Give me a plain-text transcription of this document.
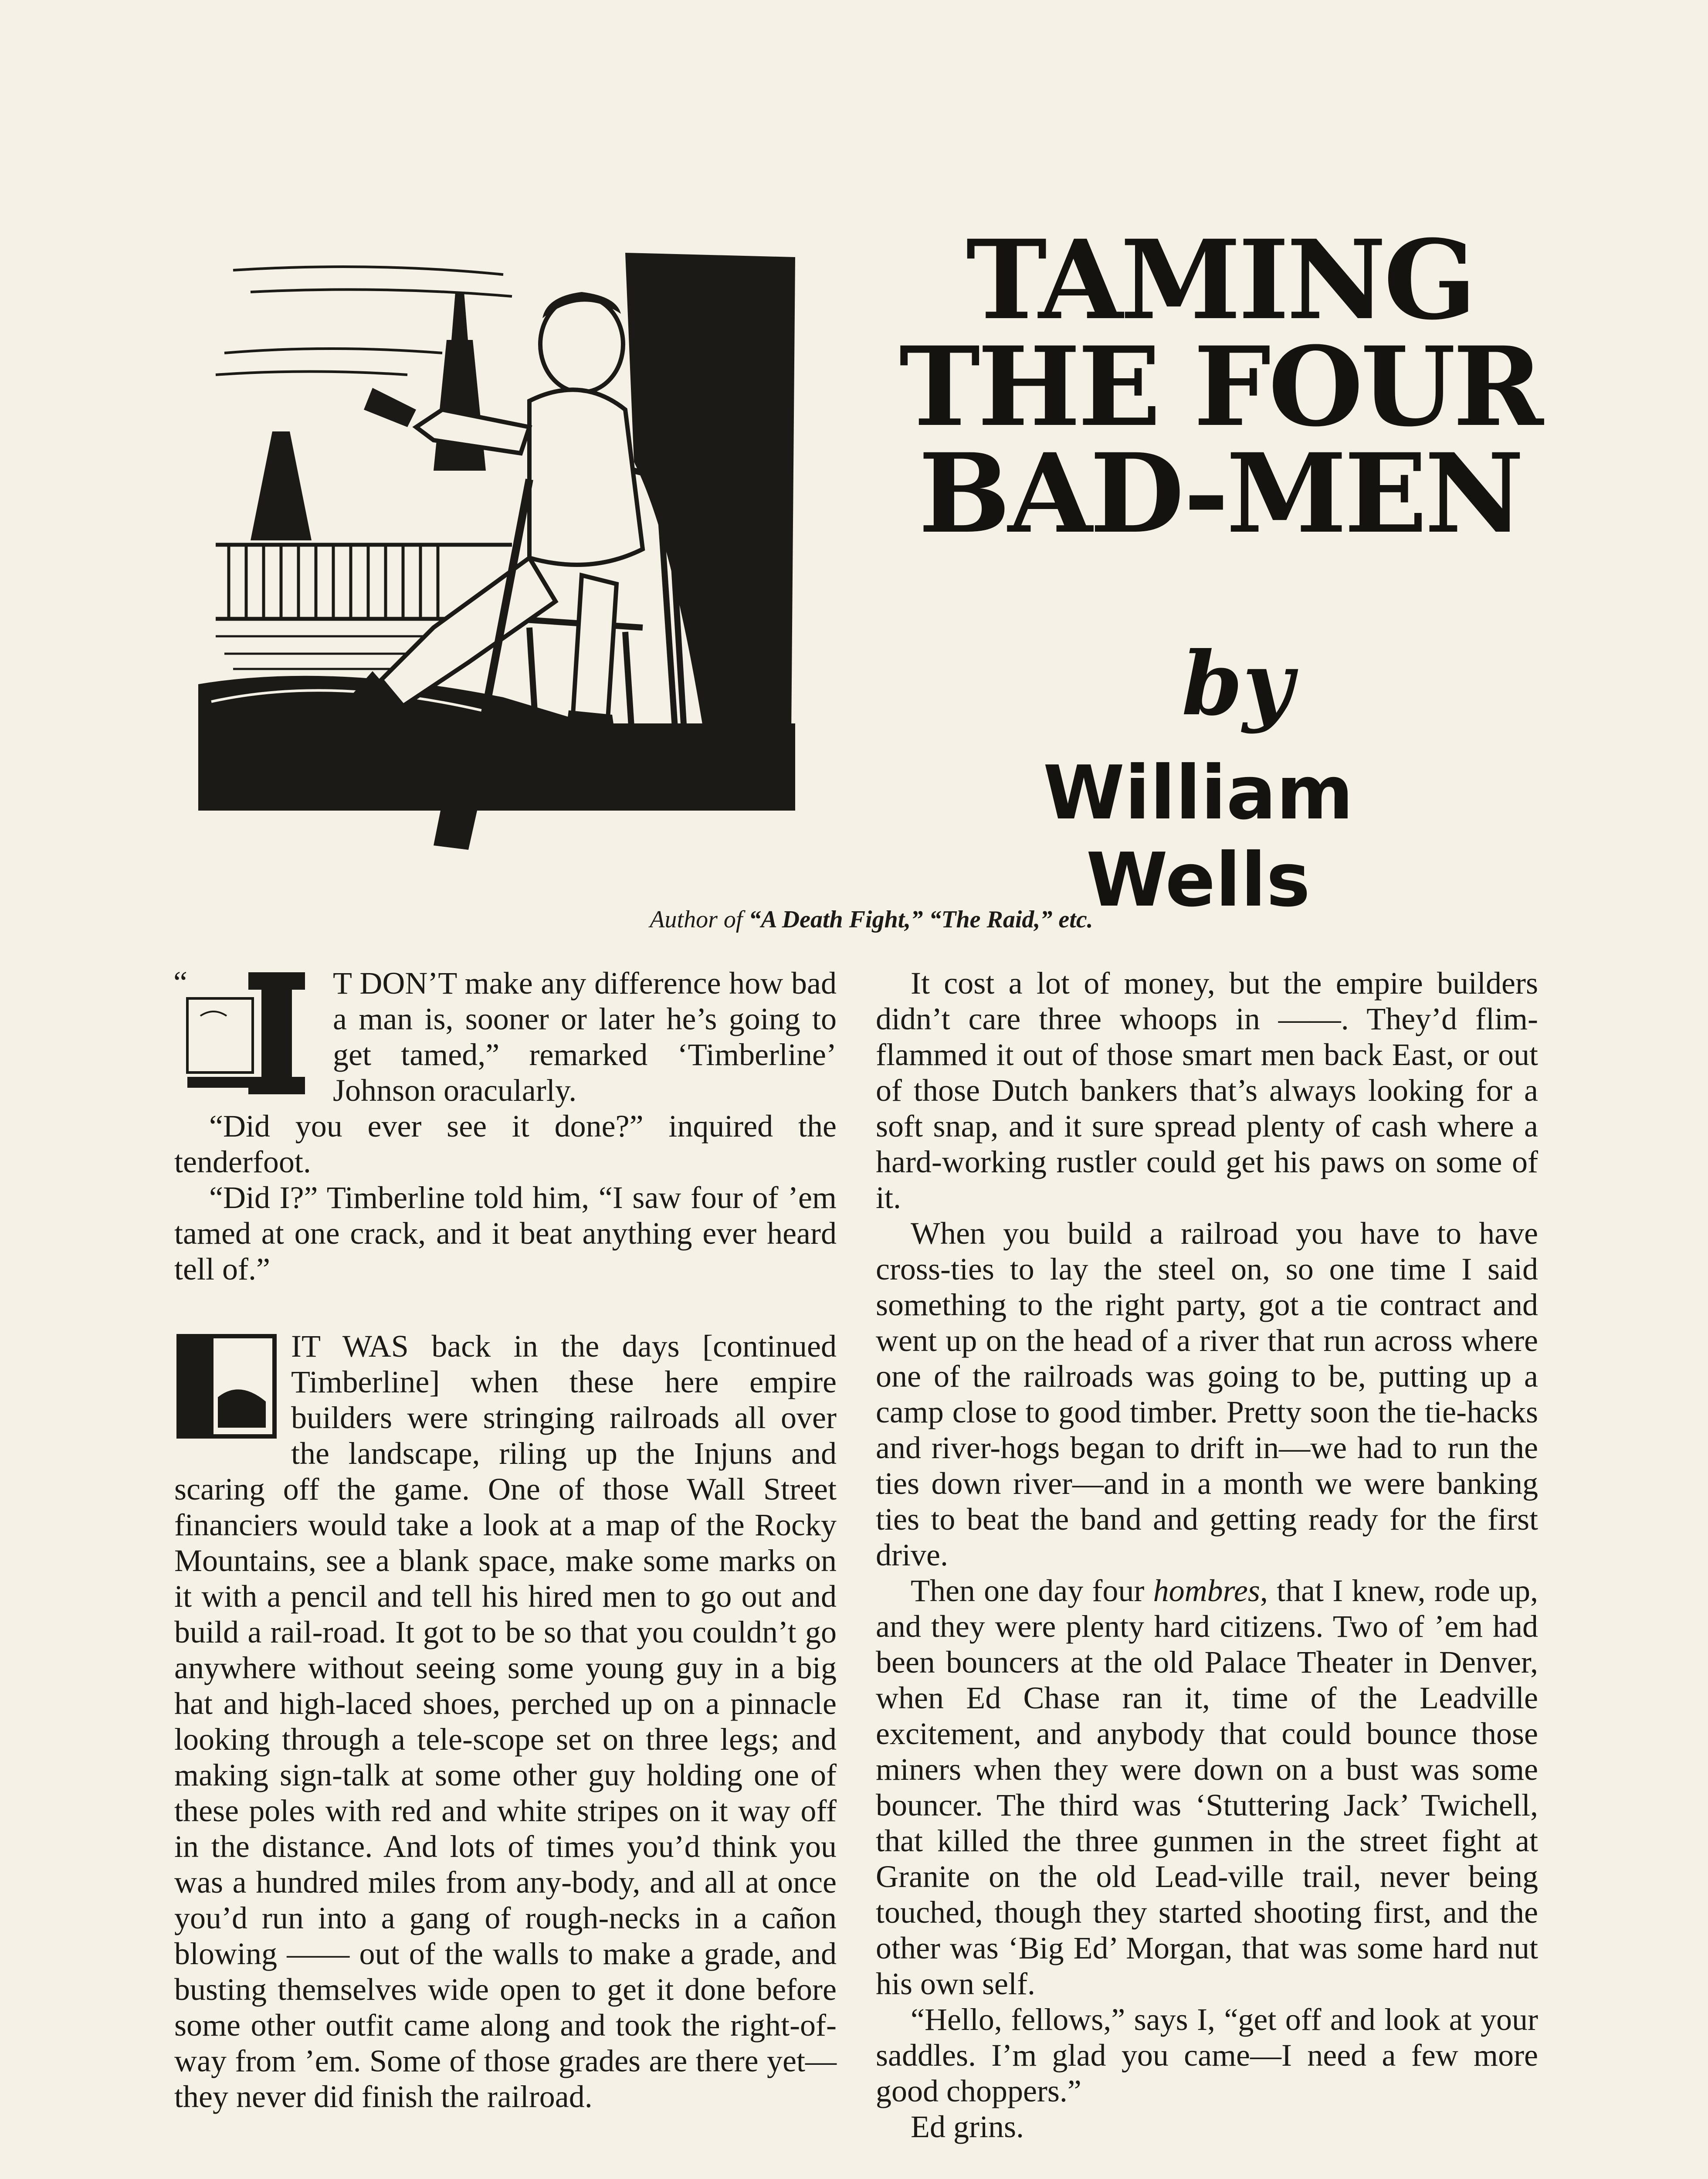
TAMING
THE FOUR
BAD-MEN
by
William
Wells
Author of “A Death Fight,” “The Raid,” etc.
“	T DON’T make any difference how bad a man is, sooner or later he’s going to get tamed,” remarked ‘Timberline’ Johnson oracularly.

“Did you ever see it done?” inquired the tenderfoot.

“Did I?” Timberline told him, “I saw four of ’em tamed at one crack, and it beat anything ever heard tell of.”

IT WAS back in the days [continued Timberline] when these here empire builders were stringing railroads all over the landscape, riling up the Injuns and scaring off the game. One of those Wall Street financiers would take a look at a map of the Rocky Mountains, see a blank space, make some marks on it with a pencil and tell his hired men to go out and build a rail-road. It got to be so that you couldn’t go anywhere without seeing some young guy in a big hat and high-laced shoes, perched up on a pinnacle looking through a tele-scope set on three legs; and making sign-talk at some other guy holding one of these poles with red and white stripes on it way off in the distance. And lots of times you’d think you was a hundred miles from any-body, and all at once you’d run into a gang of rough-necks in a cañon blowing —— out of the walls to make a grade, and busting themselves wide open to get it done before some other outfit came along and took the right-of-way from ’em. Some of those grades are there yet—they never did finish the railroad.

It cost a lot of money, but the empire builders didn’t care three whoops in ——. They’d flim-flammed it out of those smart men back East, or out of those Dutch bankers that’s always looking for a soft snap, and it sure spread plenty of cash where a hard-working rustler could get his paws on some of it.

When you build a railroad you have to have cross-ties to lay the steel on, so one time I said something to the right party, got a tie contract and went up on the head of a river that run across where one of the railroads was going to be, putting up a camp close to good timber. Pretty soon the tie-hacks and river-hogs began to drift in—we had to run the ties down river—and in a month we were banking ties to beat the band and getting ready for the first drive.

Then one day four hombres, that I knew, rode up, and they were plenty hard citizens. Two of ’em had been bouncers at the old Palace Theater in Denver, when Ed Chase ran it, time of the Leadville excitement, and anybody that could bounce those miners when they were down on a bust was some bouncer. The third was ‘Stuttering Jack’ Twichell, that killed the three gunmen in the street fight at Granite on the old Lead-ville trail, never being touched, though they started shooting first, and the other was ‘Big Ed’ Morgan, that was some hard nut his own self.

“Hello, fellows,” says I, “get off and look at your saddles. I’m glad you came—I need a few more good choppers.”

Ed grins.
